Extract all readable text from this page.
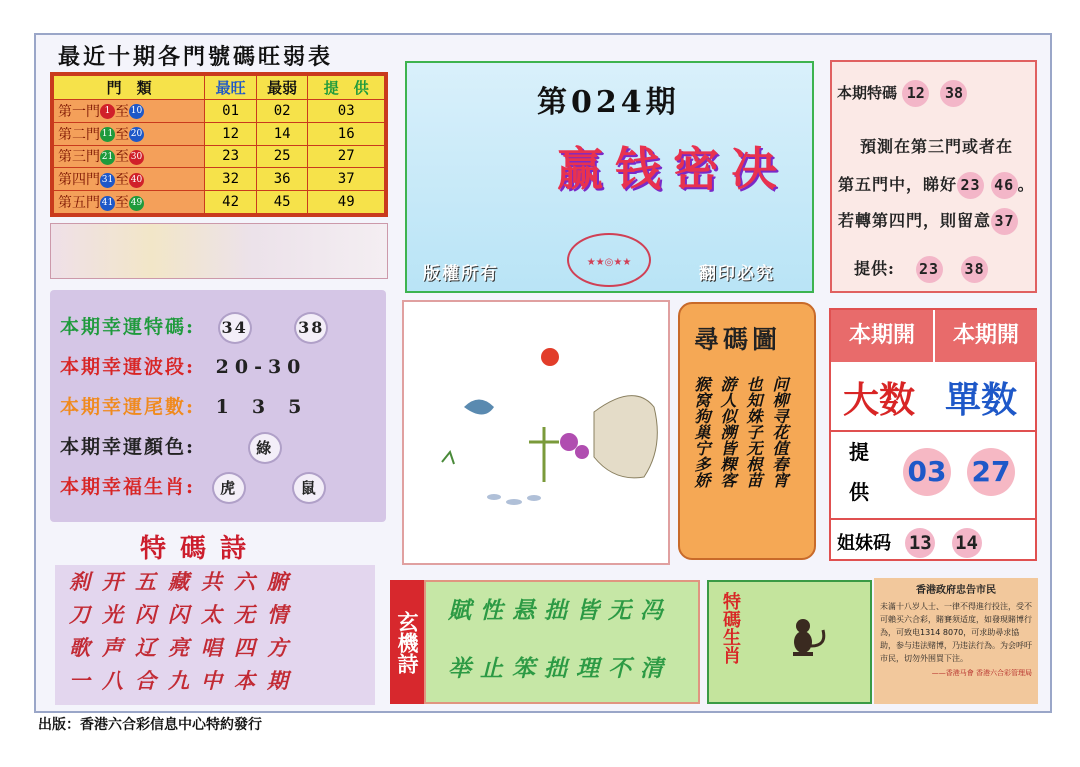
最近十期各門號碼旺弱表
門　類	最旺	最弱	提　供
第一門 1 至 10	01	02	03
第二門 11 至 20	12	14	16
第三門 21 至 30	23	25	27
第四門 31 至 40	32	36	37
第五門 41 至 49	42	45	49
本期幸運特碼: 34	38
本期幸運波段: 20-30
本期幸運尾數: 1　3　5
本期幸運顏色:	綠
本期幸福生肖: 虎	鼠
特碼詩
刹开五藏共六腑
刀光闪闪太无情
歌声辽亮唱四方
一八合九中本期
第024期
赢钱密决
★★◎★★
版權所有	翻印必究
本期特碼 12 38
預測在第三門或者在
第五門中，睇好 23 46 。
若轉第四門，則留意 37
提供: 23 38
尋碼圖
问柳寻花值春宵
也知姝子无根苗
游人似溯皆粿客
猴窝狗巢宁多娇
本期開	本期開
大数 單数
提
供
03 27
姐妹码 13 14
玄機詩	賦性悬拙皆无冯
举止笨拙理不清
特碼生肖
香港政府忠告市民
未滿十八岁人士、一律不得進行投注，受不可賴买六合彩，賭賽须适度，如發現賭博行為，可致电1314 8070，可求助尋求協助，参与违法赌博，乃违法行為。为会呼吁市民，切勿外围買下注。
——香港马會 香港六合彩管理局
出版：香港六合彩信息中心特約發行
